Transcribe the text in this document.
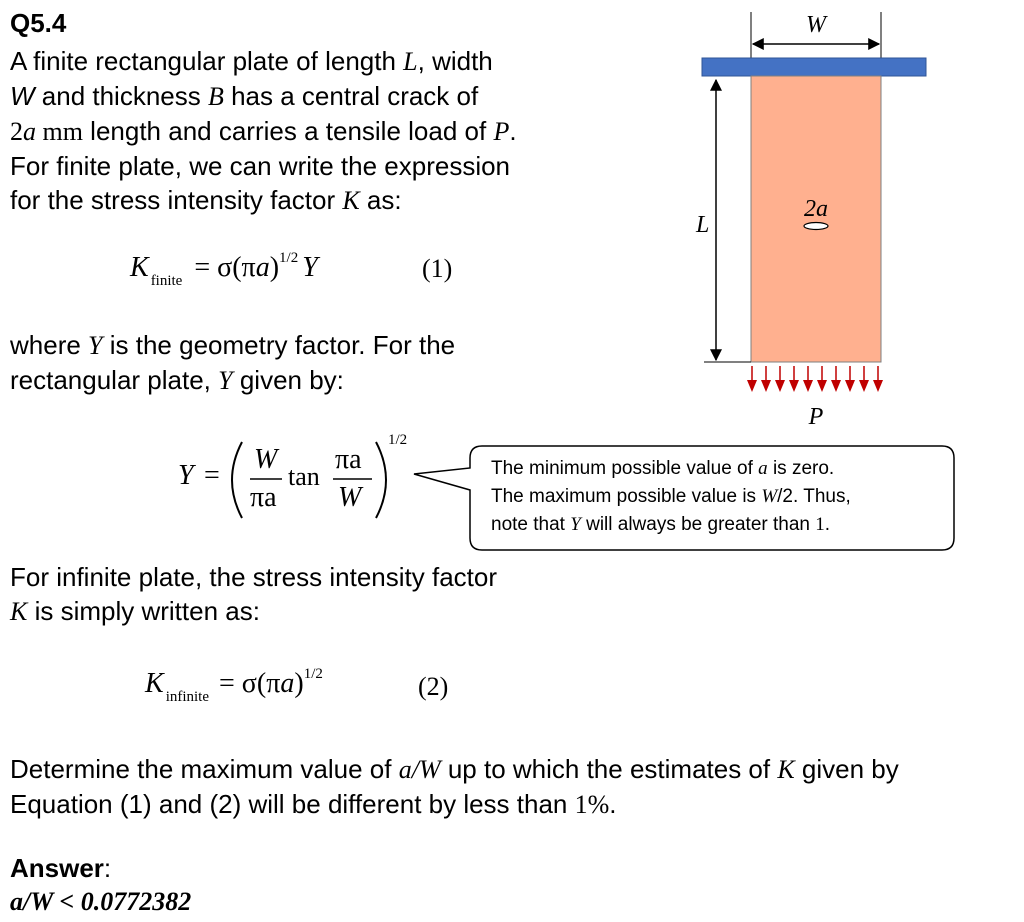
Q5.4
A finite rectangular plate of length L, width
W and thickness B has a central crack of
2a mm length and carries a tensile load of P.
For finite plate, we can write the expression
for the stress intensity factor K as:
K $_{finite} = \sigma(\pi a)^{1/2}$ Y	(1)
where Y is the geometry factor. For the
rectangular plate, Y given by:
Y =
W
πa
tan
πa
W
1/2
The minimum possible value of a is zero.
The maximum possible value is W/2. Thus,
note that Y will always be greater than 1.
For infinite plate, the stress intensity factor
K is simply written as:
K $_{infinite} = \sigma(\pi a)^{1/2}$	(2)
Determine the maximum value of a/W up to which the estimates of K given by
Equation (1) and (2) will be different by less than 1%.
Answer:
a/W < 0.0772382
W
L
2a
P
